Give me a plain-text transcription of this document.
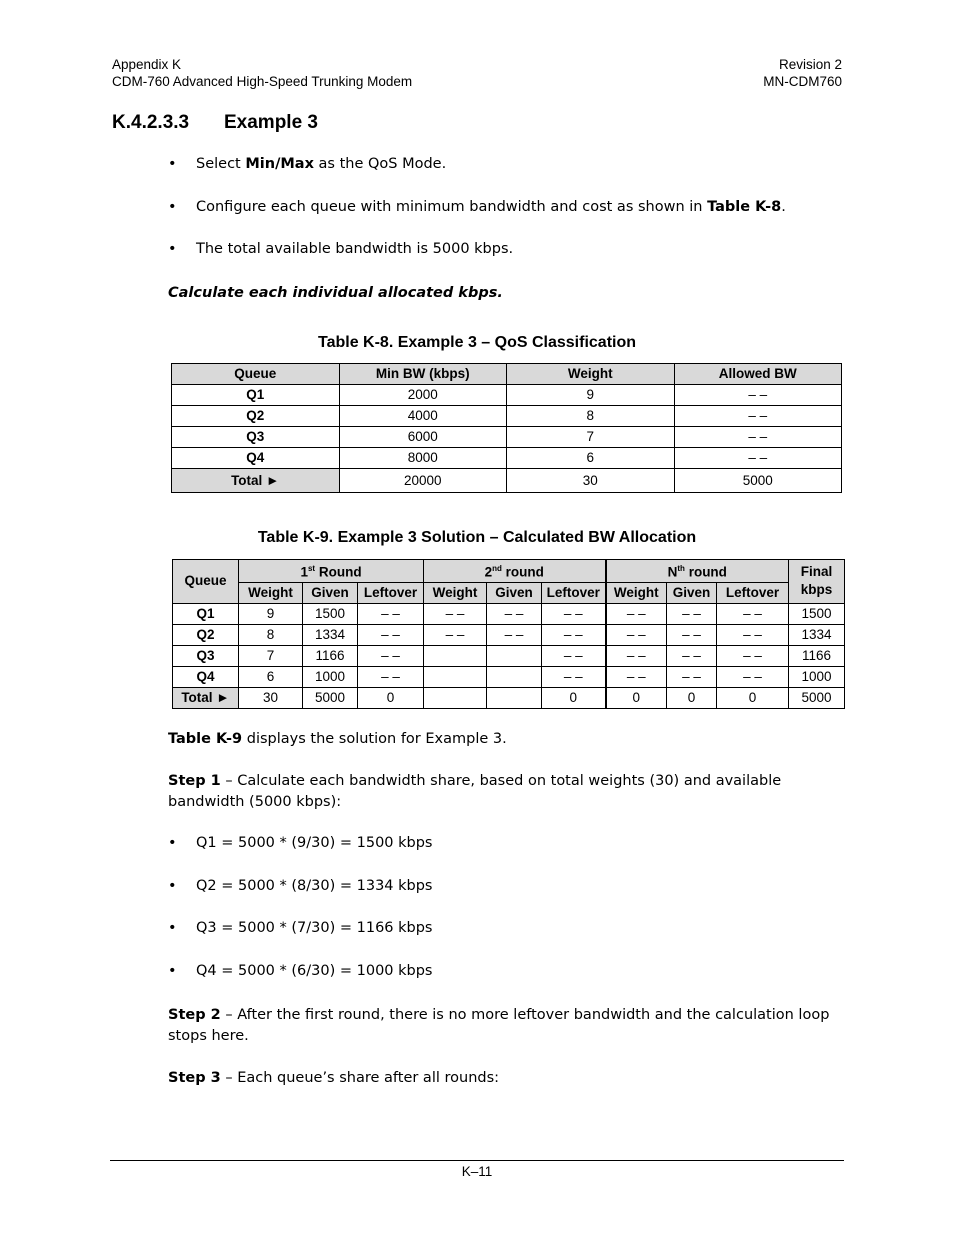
Appendix K
CDM-760 Advanced High-Speed Trunking Modem
Revision 2
MN-CDM760
K.4.2.3.3 Example 3
• Select Min/Max as the QoS Mode.
• Configure each queue with minimum bandwidth and cost as shown in Table K-8.
• The total available bandwidth is 5000 kbps.
Calculate each individual allocated kbps.
Table K-8. Example 3 – QoS Classification
Queue	Min BW (kbps)	Weight	Allowed BW
Q1	2000	9	– –
Q2	4000	8	– –
Q3	6000	7	– –
Q4	8000	6	– –
Total ►	20000	30	5000
Table K-9. Example 3 Solution – Calculated BW Allocation
Queue	1st Round			2nd round			$N^{th}$ round			Final
kbps

	Weight	Given	Leftover	Weight	Given	Leftover	Weight	Given	Leftover	
Q1	9	1500	– –	– –	– –	– –	– –	– –	– –	1500
Q2	8	1334	– –	– –	– –	– –	– –	– –	– –	1334
Q3	7	1166	– –			– –	– –	– –	– –	1166
Q4	6	1000	– –			– –	– –	– –	– –	1000
Total ►	30	5000	0			0	0	0	0	5000
Table K-9 displays the solution for Example 3.
Step 1 – Calculate each bandwidth share, based on total weights (30) and available bandwidth (5000 kbps):
• Q1 = 5000 * (9/30) = 1500 kbps
• Q2 = 5000 * (8/30) = 1334 kbps
• Q3 = 5000 * (7/30) = 1166 kbps
• Q4 = 5000 * (6/30) = 1000 kbps
Step 2 – After the first round, there is no more leftover bandwidth and the calculation loop stops here.
Step 3 – Each queue’s share after all rounds:
K–11
